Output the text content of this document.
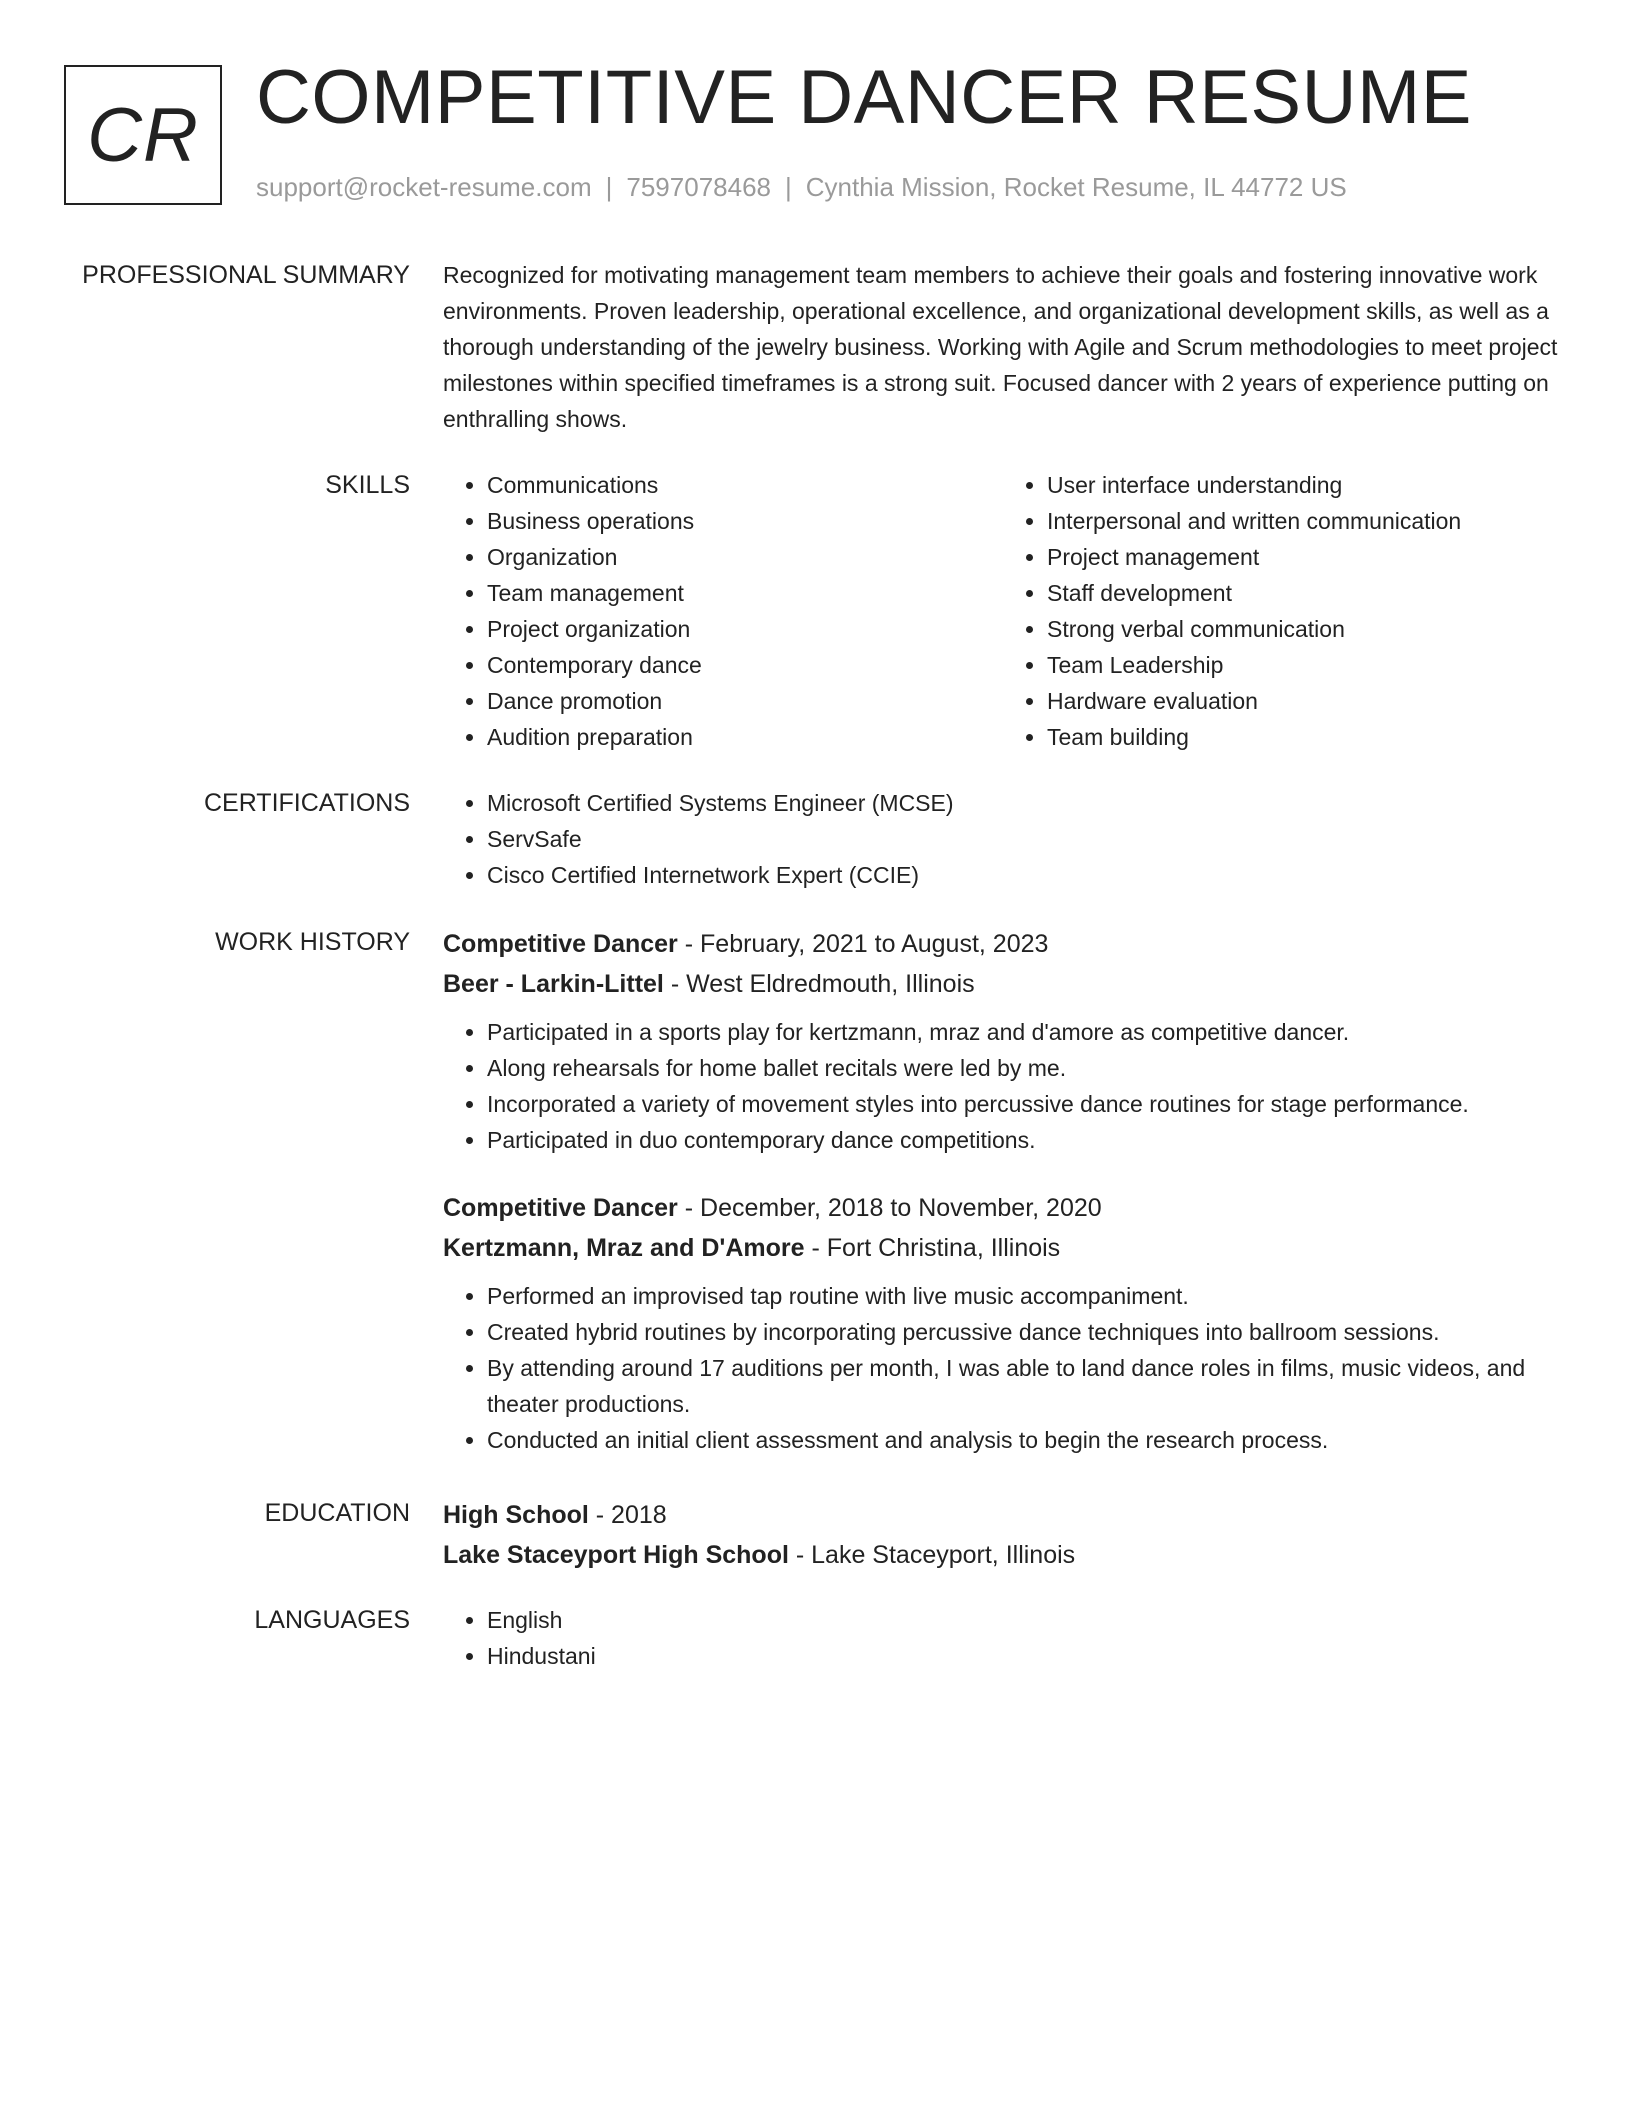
CR COMPETITIVE DANCER RESUME
support@rocket-resume.com | 7597078468 | Cynthia Mission, Rocket Resume, IL 44772 US
PROFESSIONAL SUMMARY Recognized for motivating management team members to achieve their goals and fostering innovative work environments. Proven leadership, operational excellence, and organizational development skills, as well as a thorough understanding of the jewelry business. Working with Agile and Scrum methodologies to meet project milestones within specified timeframes is a strong suit. Focused dancer with 2 years of experience putting on enthralling shows.
SKILLS	• Communications
• Business operations
• Organization
• Team management
• Project organization
• Contemporary dance
• Dance promotion
• Audition preparation
• User interface understanding
• Interpersonal and written communication
• Project management
• Staff development
• Strong verbal communication
• Team Leadership
• Hardware evaluation
• Team building
CERTIFICATIONS	• Microsoft Certified Systems Engineer (MCSE)
• ServSafe
• Cisco Certified Internetwork Expert (CCIE)
WORK HISTORY Competitive Dancer - February, 2021 to August, 2023
Beer - Larkin-Littel - West Eldredmouth, Illinois
• Participated in a sports play for kertzmann, mraz and d'amore as competitive dancer.
• Along rehearsals for home ballet recitals were led by me.
• Incorporated a variety of movement styles into percussive dance routines for stage performance.
• Participated in duo contemporary dance competitions.
Competitive Dancer - December, 2018 to November, 2020
Kertzmann, Mraz and D'Amore - Fort Christina, Illinois
• Performed an improvised tap routine with live music accompaniment.
• Created hybrid routines by incorporating percussive dance techniques into ballroom sessions.
• By attending around 17 auditions per month, I was able to land dance roles in films, music videos, and theater productions.
• Conducted an initial client assessment and analysis to begin the research process.
EDUCATION High School - 2018
Lake Staceyport High School - Lake Staceyport, Illinois
LANGUAGES	• English
• Hindustani
